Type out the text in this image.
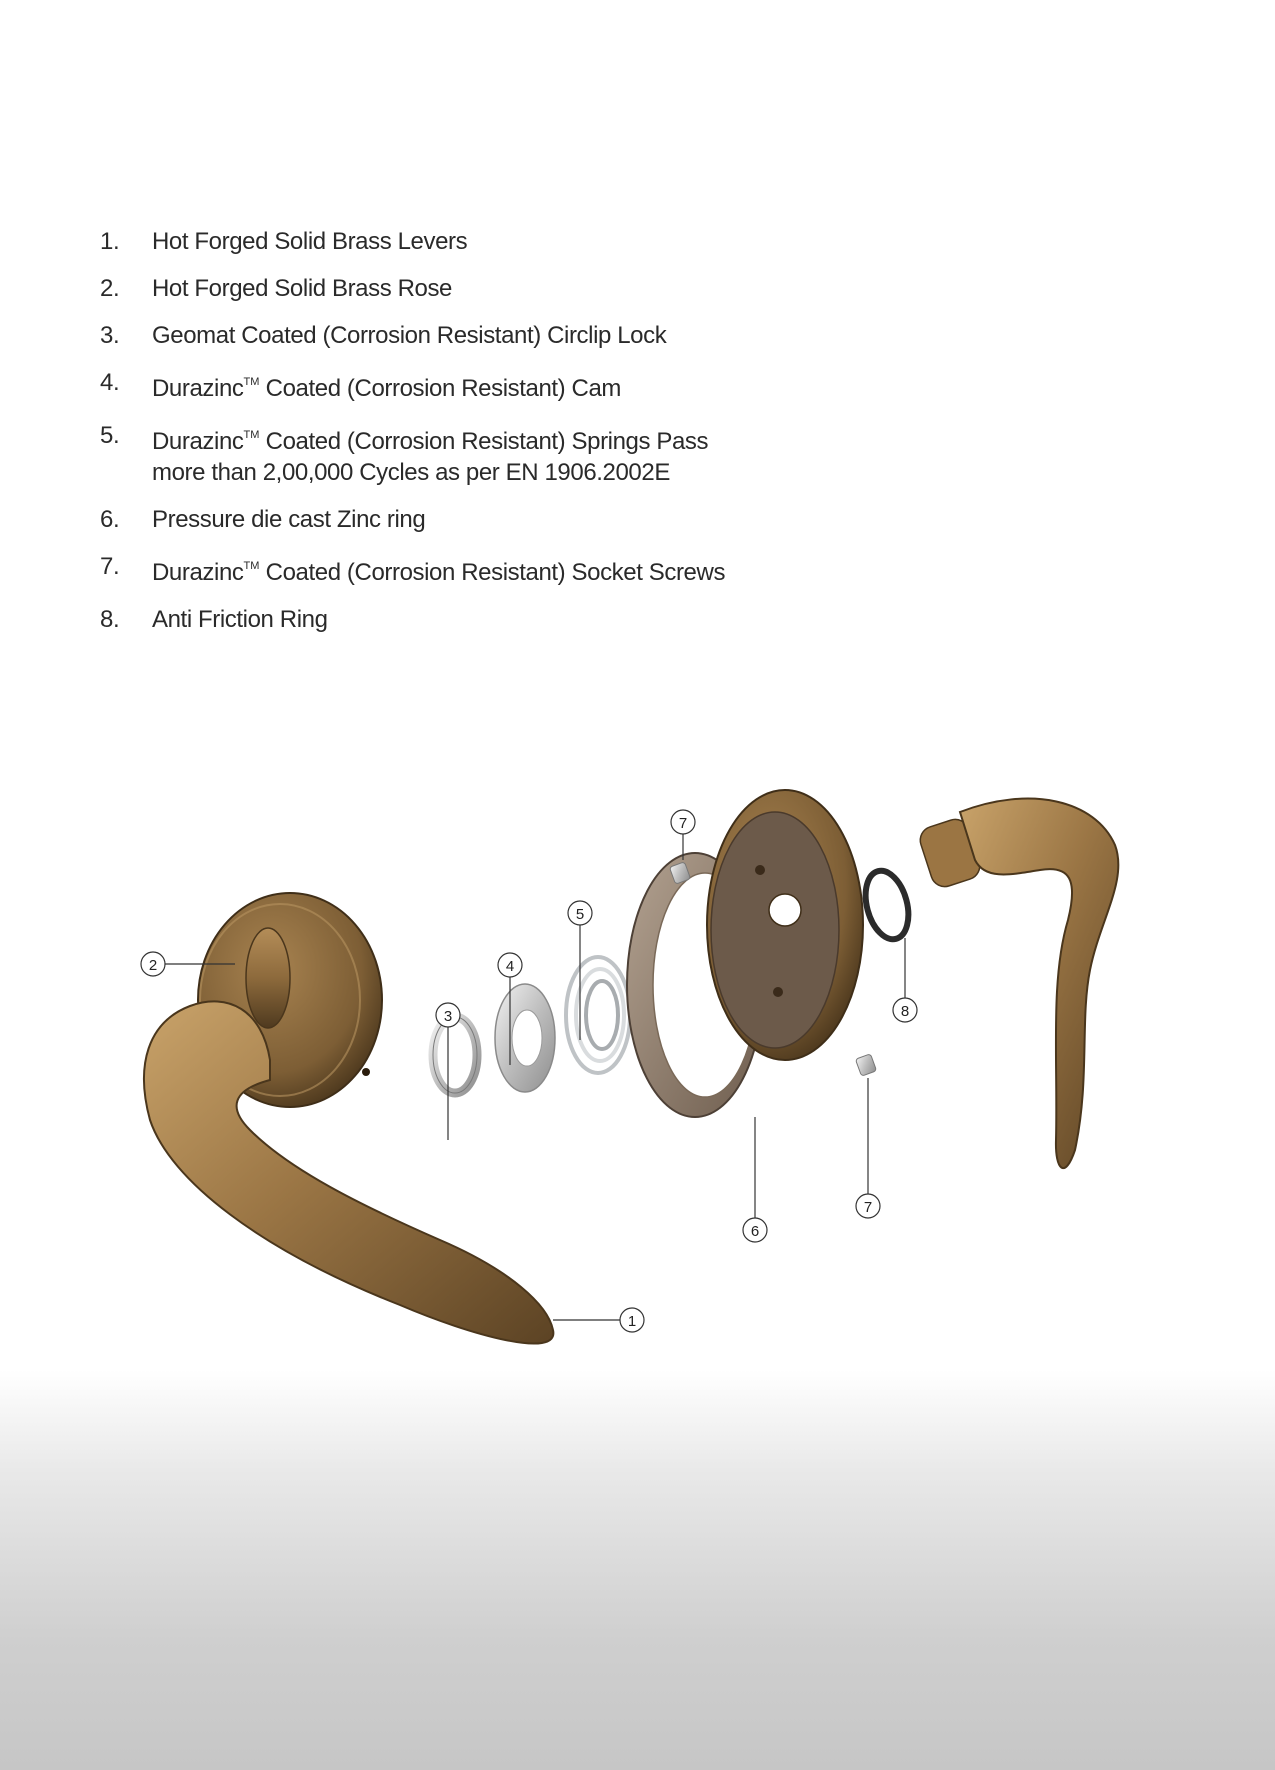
1.	Hot Forged Solid Brass Levers
2.	Hot Forged Solid Brass Rose
3.	Geomat Coated (Corrosion Resistant) Circlip Lock
4.	Durazinc™ Coated (Corrosion Resistant) Cam
5.	Durazinc™ Coated (Corrosion Resistant) Springs Pass
more than 2,00,000 Cycles as per EN 1906.2002E
6.	Pressure die cast Zinc ring
7.	Durazinc™ Coated (Corrosion Resistant) Socket Screws
8.	Anti Friction Ring
1
2
3
4
5
6
7
7
8
